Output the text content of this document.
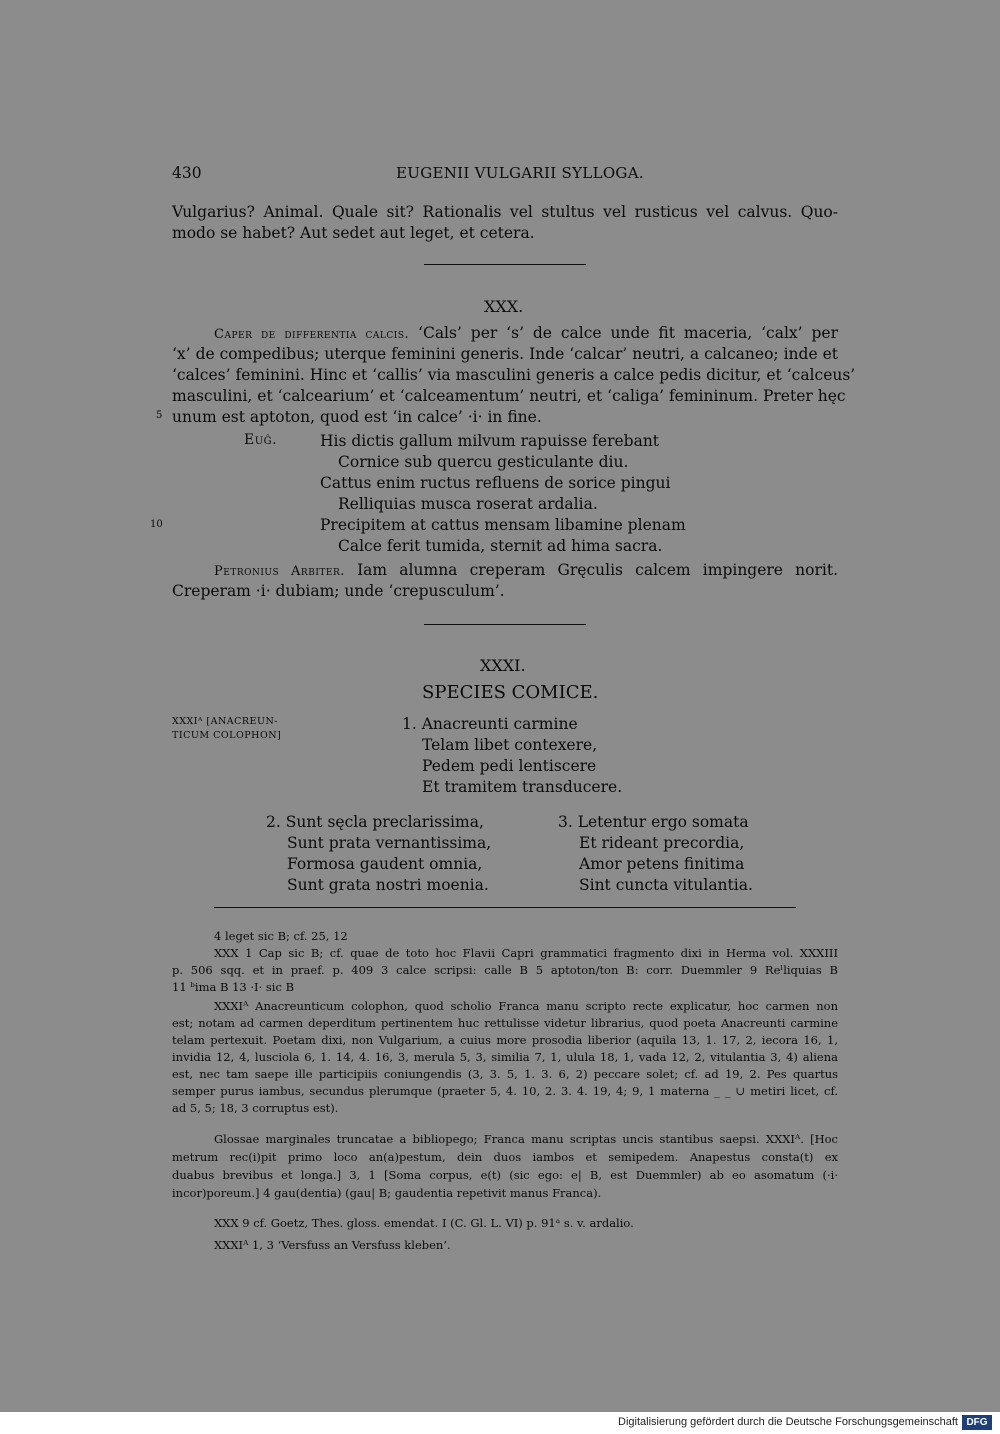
430	EUGENII VULGARII SYLLOGA.
Vulgarius? Animal. Quale sit? Rationalis vel stultus vel rusticus vel calvus. Quo-
modo se habet? Aut sedet aut leget, et cetera.
XXX.
Caper de differentia calcis. ‘Cals’ per ‘s’ de calce unde fit maceria, ‘calx’ per
‘x’ de compedibus; uterque feminini generis. Inde ‘calcar’ neutri, a calcaneo; inde et
‘calces’ feminini. Hinc et ‘callis’ via masculini generis a calce pedis dicitur, et ‘calceus’
masculini, et ‘calcearium’ et ‘calceamentum’ neutri, et ‘caliga’ femininum. Preter hęc
5 unum est aptoton, quod est ‘in calce’ ·i· in fine.
Euĝ.	His dictis gallum milvum rapuisse ferebant
Cornice sub quercu gesticulante diu.
Cattus enim ructus refluens de sorice pingui
Relliquias musca roserat ardalia.
10	Precipitem at cattus mensam libamine plenam
Calce ferit tumida, sternit ad hima sacra.
Petronius Arbiter. Iam alumna creperam Gręculis calcem impingere norit.
Creperam ·i· dubiam; unde ‘crepusculum’.
XXXI.
SPECIES COMICE.
XXXIᴬ [ANACREUN-
TICUM COLOPHON]
1. Anacreunti carmine
Telam libet contexere,
Pedem pedi lentiscere
Et tramitem transducere.
2. Sunt sęcla preclarissima,
Sunt prata vernantissima,
Formosa gaudent omnia,
Sunt grata nostri moenia.
3. Letentur ergo somata
Et rideant precordia,
Amor petens finitima
Sint cuncta vitulantia.
4 leget sic B; cf. 25, 12
XXX 1 Cap sic B; cf. quae de toto hoc Flavii Capri grammatici fragmento dixi in Herma vol. XXXIII
p. 506 sqq. et in praef. p. 409 3 calce scripsi: calle B 5 aptoton/ton B: corr. Duemmler 9 Reˡliquias B
11 ᵇima B 13 ·I· sic B
XXXIᴬ Anacreunticum colophon, quod scholio Franca manu scripto recte explicatur, hoc carmen non
est; notam ad carmen deperditum pertinentem huc rettulisse videtur librarius, quod poeta Anacreunti carmine
telam pertexuit. Poetam dixi, non Vulgarium, a cuius more prosodia liberior (aquila 13, 1. 17, 2, iecora 16, 1,
invidia 12, 4, lusciola 6, 1. 14, 4. 16, 3, merula 5, 3, similia 7, 1, ulula 18, 1, vada 12, 2, vitulantia 3, 4) aliena
est, nec tam saepe ille participiis coniungendis (3, 3. 5, 1. 3. 6, 2) peccare solet; cf. ad 19, 2. Pes quartus
semper purus iambus, secundus plerumque (praeter 5, 4. 10, 2. 3. 4. 19, 4; 9, 1 materna _ _ ∪ metiri licet, cf.
ad 5, 5; 18, 3 corruptus est).
Glossae marginales truncatae a bibliopego; Franca manu scriptas uncis stantibus saepsi. XXXIᴬ. [Hoc
metrum rec(i)pit primo loco an(a)pestum, dein duos iambos et semipedem. Anapestus consta(t) ex
duabus brevibus et longa.] 3, 1 [Soma corpus, e(t) (sic ego: e| B, est Duemmler) ab eo asomatum (·i·
incor)poreum.] 4 gau(dentia) (gau| B; gaudentia repetivit manus Franca).
XXX 9 cf. Goetz, Thes. gloss. emendat. I (C. Gl. L. VI) p. 91ᵃ s. v. ardalio.
XXXIᴬ 1, 3 ‘Versfuss an Versfuss kleben’.
Digitalisierung gefördert durch die Deutsche Forschungsgemeinschaft DFG
